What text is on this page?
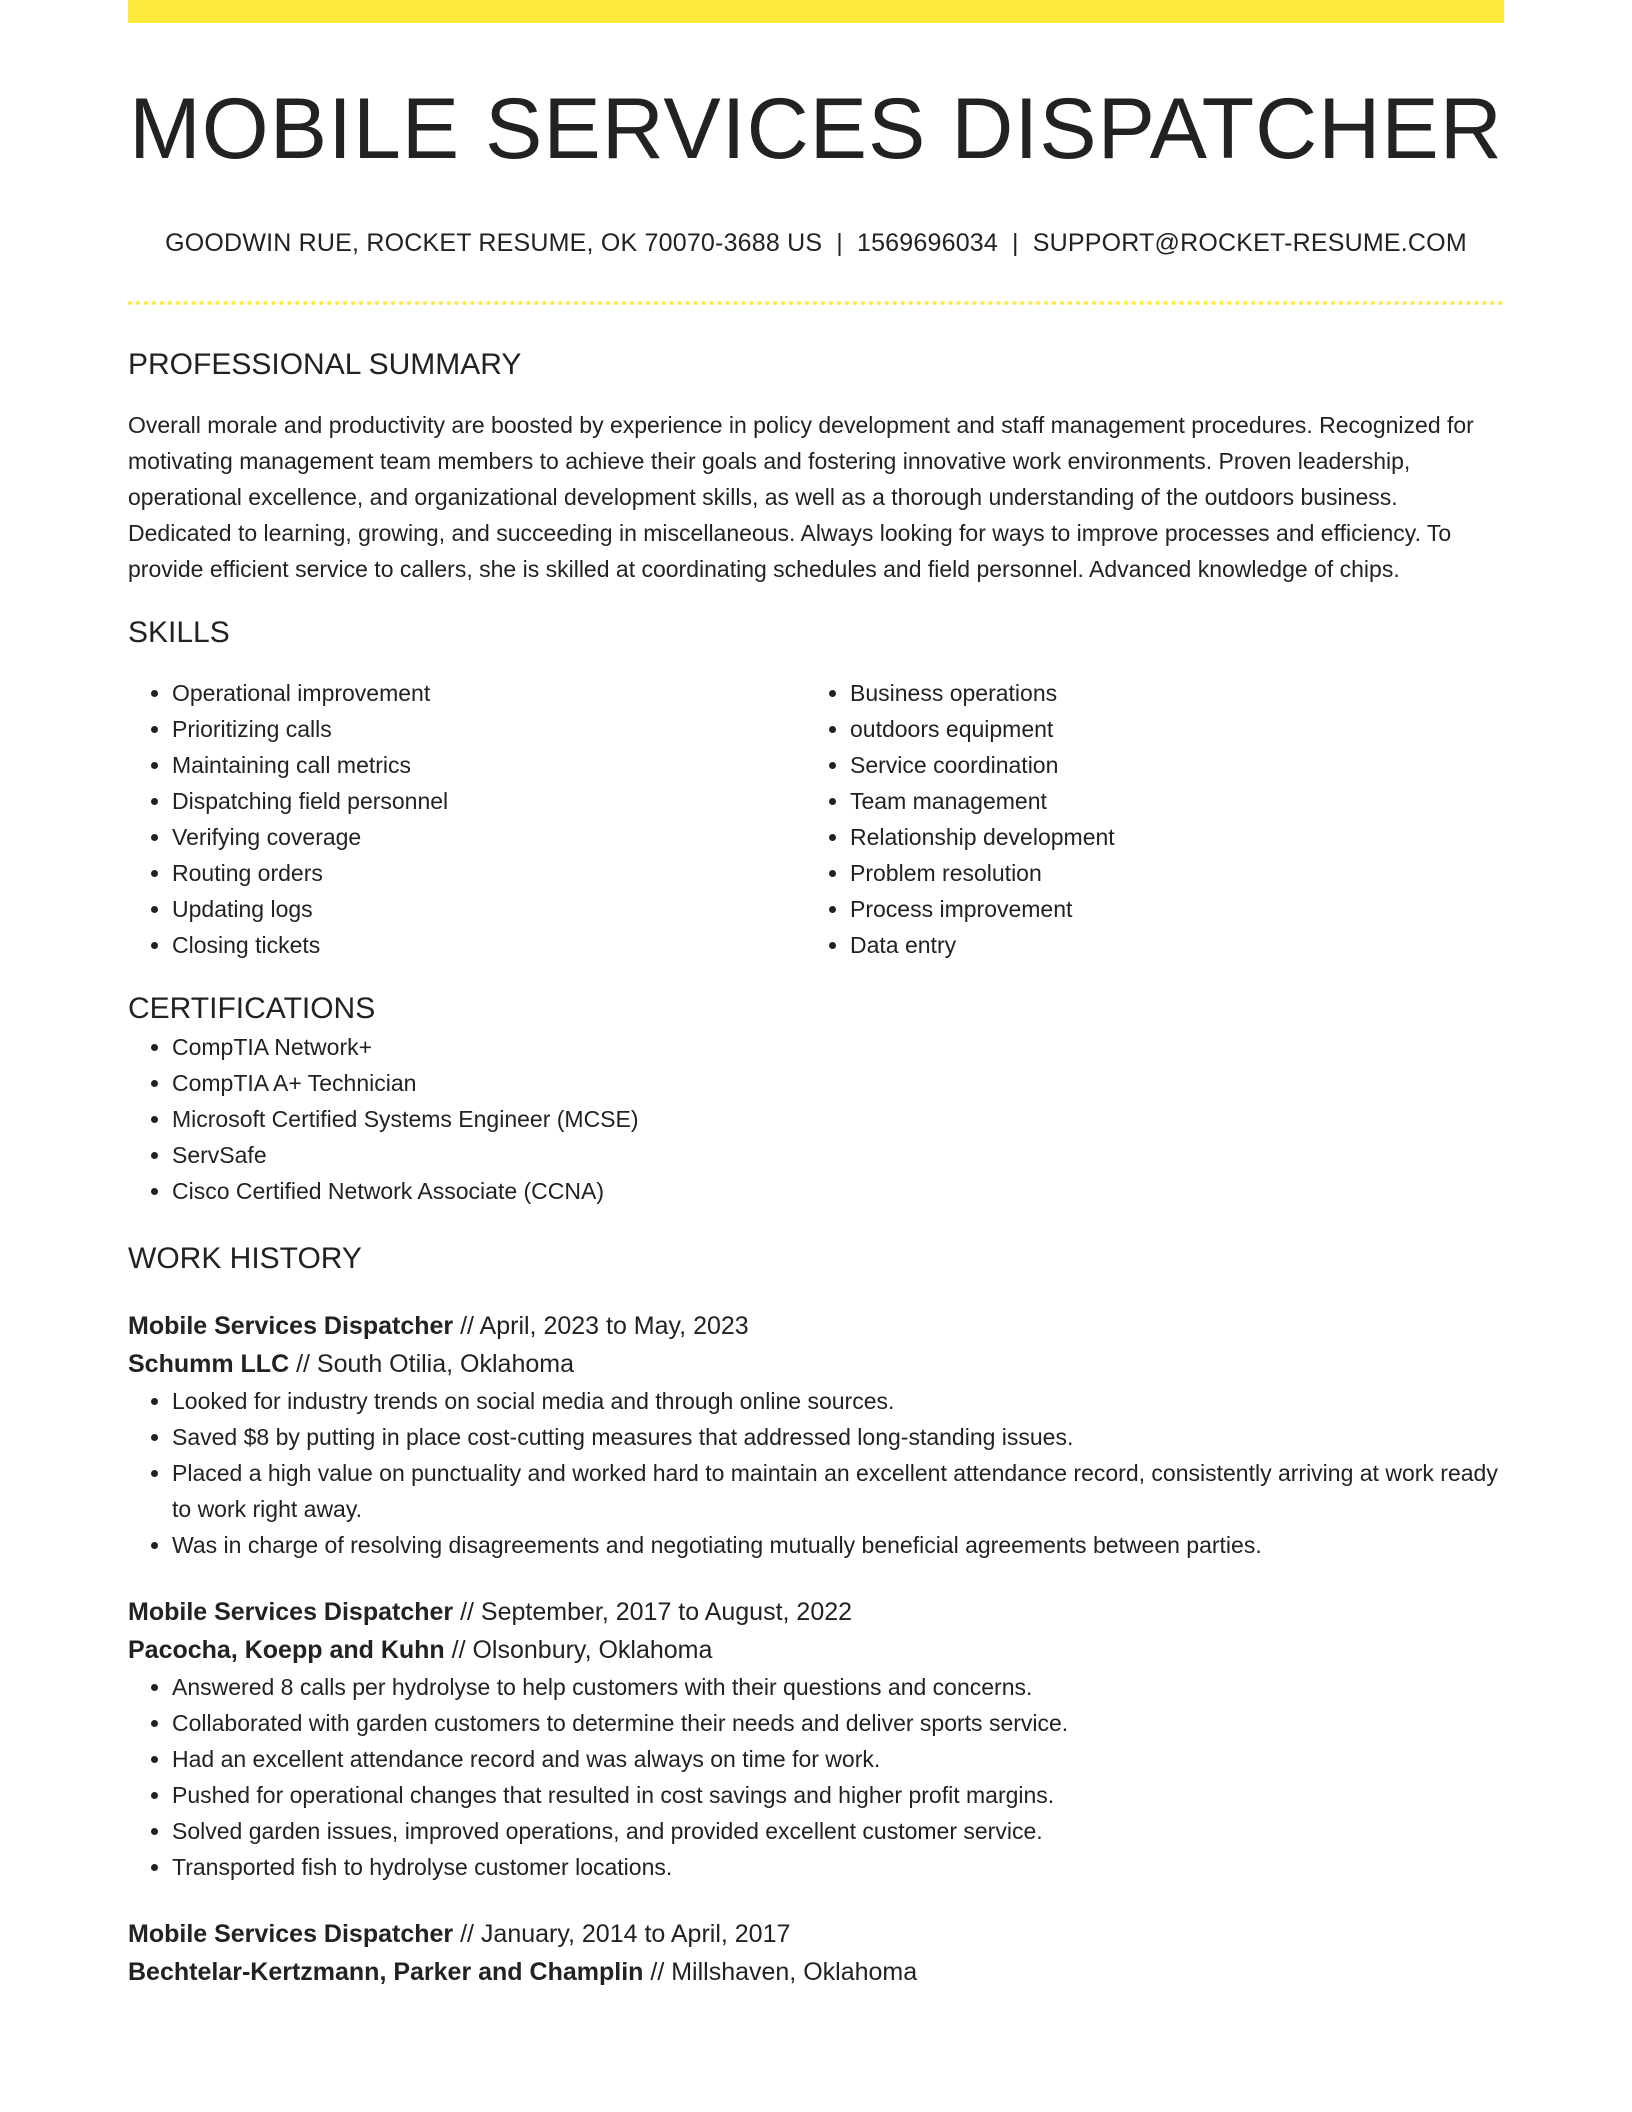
MOBILE SERVICES DISPATCHER
GOODWIN RUE, ROCKET RESUME, OK 70070-3688 US | 1569696034 | SUPPORT@ROCKET-RESUME.COM
PROFESSIONAL SUMMARY
Overall morale and productivity are boosted by experience in policy development and staff management procedures. Recognized for motivating management team members to achieve their goals and fostering innovative work environments. Proven leadership, operational excellence, and organizational development skills, as well as a thorough understanding of the outdoors business. Dedicated to learning, growing, and succeeding in miscellaneous. Always looking for ways to improve processes and efficiency. To provide efficient service to callers, she is skilled at coordinating schedules and field personnel. Advanced knowledge of chips.
SKILLS
• Operational improvement
• Prioritizing calls
• Maintaining call metrics
• Dispatching field personnel
• Verifying coverage
• Routing orders
• Updating logs
• Closing tickets
• Business operations
• outdoors equipment
• Service coordination
• Team management
• Relationship development
• Problem resolution
• Process improvement
• Data entry
CERTIFICATIONS
• CompTIA Network+
• CompTIA A+ Technician
• Microsoft Certified Systems Engineer (MCSE)
• ServSafe
• Cisco Certified Network Associate (CCNA)
WORK HISTORY
Mobile Services Dispatcher // April, 2023 to May, 2023
Schumm LLC // South Otilia, Oklahoma
• Looked for industry trends on social media and through online sources.
• Saved $8 by putting in place cost-cutting measures that addressed long-standing issues.
• Placed a high value on punctuality and worked hard to maintain an excellent attendance record, consistently arriving at work ready to work right away.
• Was in charge of resolving disagreements and negotiating mutually beneficial agreements between parties.
Mobile Services Dispatcher // September, 2017 to August, 2022
Pacocha, Koepp and Kuhn // Olsonbury, Oklahoma
• Answered 8 calls per hydrolyse to help customers with their questions and concerns.
• Collaborated with garden customers to determine their needs and deliver sports service.
• Had an excellent attendance record and was always on time for work.
• Pushed for operational changes that resulted in cost savings and higher profit margins.
• Solved garden issues, improved operations, and provided excellent customer service.
• Transported fish to hydrolyse customer locations.
Mobile Services Dispatcher // January, 2014 to April, 2017
Bechtelar-Kertzmann, Parker and Champlin // Millshaven, Oklahoma
